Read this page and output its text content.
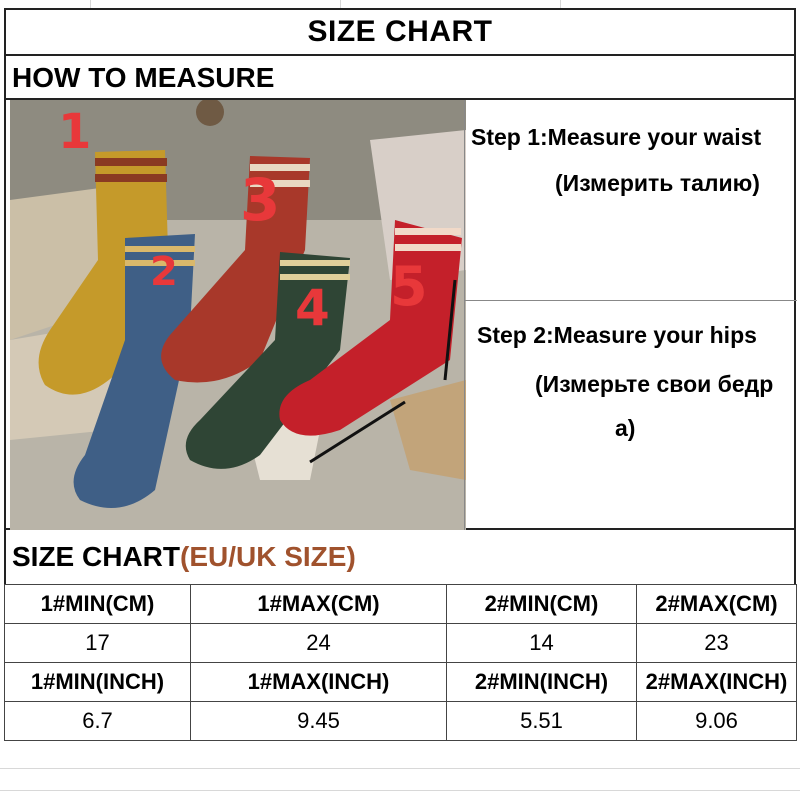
SIZE CHART
HOW TO MEASURE
1
2
3
4 5
Step 1:Measure your waist
(Измерить талию)
Step 2:Measure your hips
(Измерьте свои бедр
а)
SIZE CHART(EU/UK SIZE)
1#MIN(CM)	1#MAX(CM)	2#MIN(CM)	2#MAX(CM)
17	24	14	23
1#MIN(INCH)	1#MAX(INCH)	2#MIN(INCH)	2#MAX(INCH)
6.7	9.45	5.51	9.06
